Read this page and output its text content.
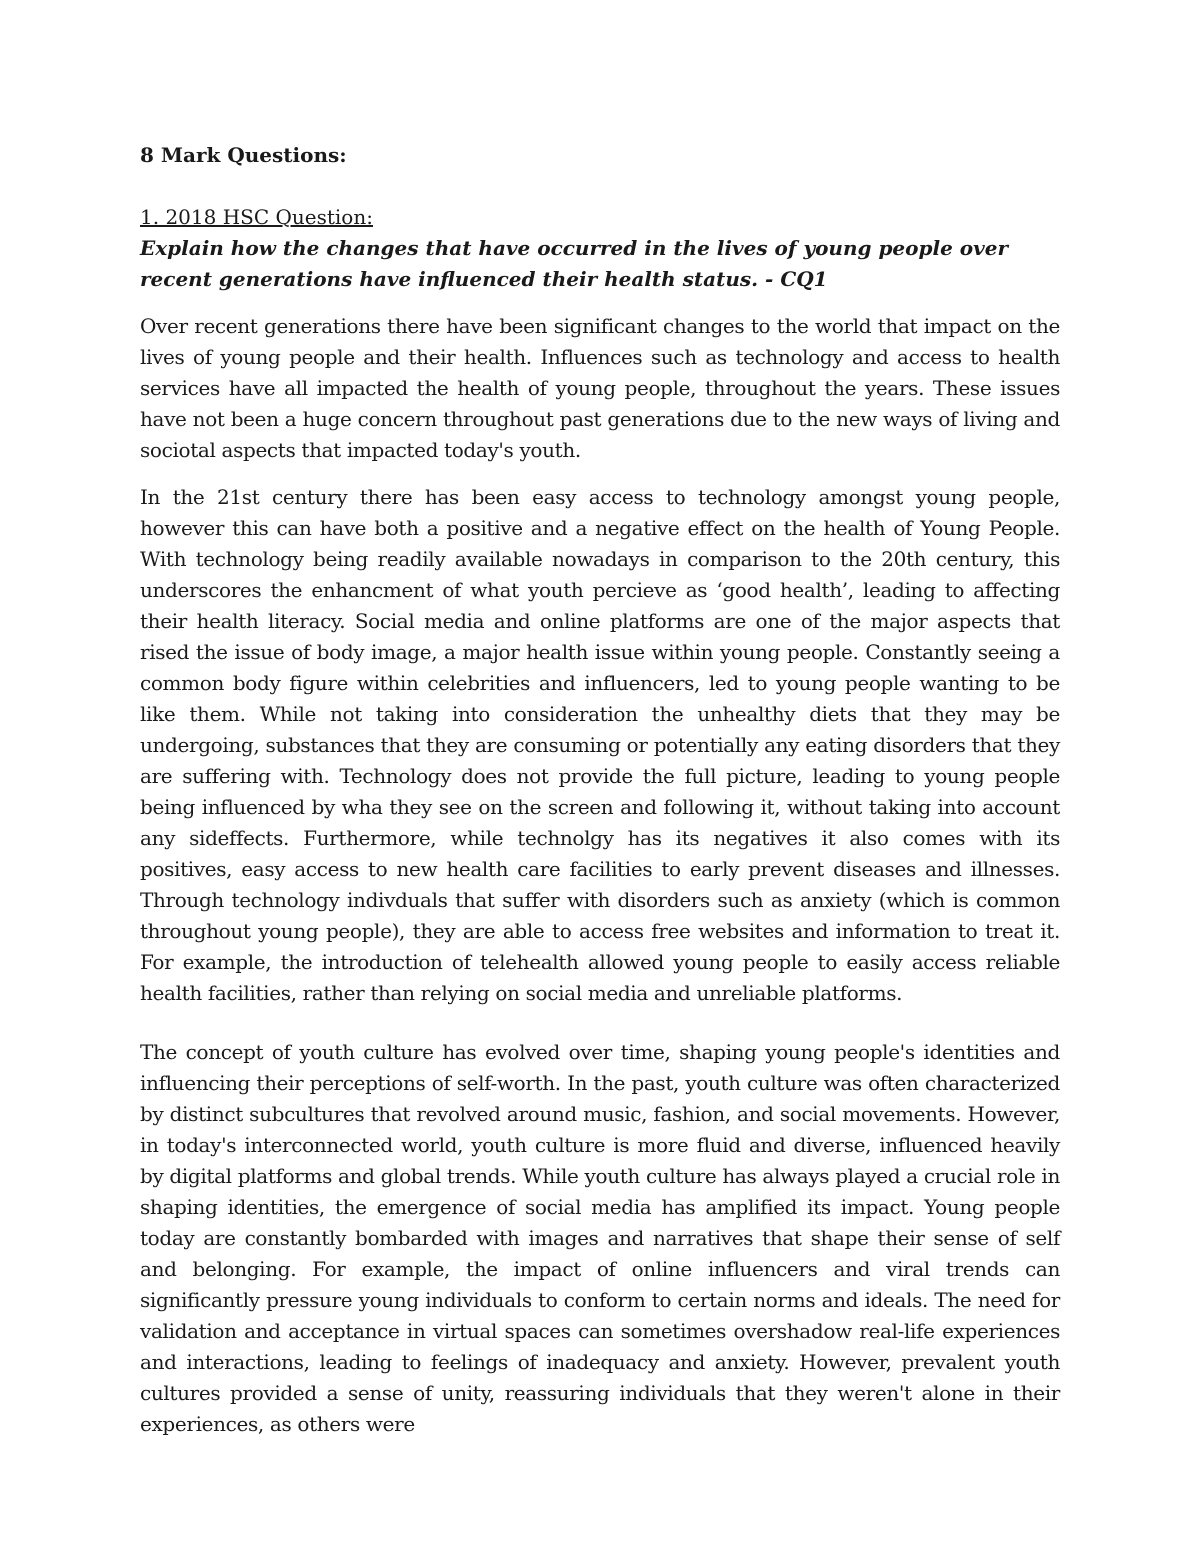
8 Mark Questions:

1. 2018 HSC Question:

Explain how the changes that have occurred in the lives of young people over recent generations have influenced their health status. - CQ1

Over recent generations there have been significant changes to the world that impact on the lives of young people and their health. Influences such as technology and access to health services have all impacted the health of young people, throughout the years. These issues have not been a huge concern throughout past generations due to the new ways of living and sociotal aspects that impacted today's youth.

In the 21st century there has been easy access to technology amongst young people, however this can have both a positive and a negative effect on the health of Young People. With technology being readily available nowadays in comparison to the 20th century, this underscores the enhancment of what youth percieve as ‘good health’, leading to affecting their health literacy. Social media and online platforms are one of the major aspects that rised the issue of body image, a major health issue within young people. Constantly seeing a common body figure within celebrities and influencers, led to young people wanting to be like them. While not taking into consideration the unhealthy diets that they may be undergoing, substances that they are consuming or potentially any eating disorders that they are suffering with. Technology does not provide the full picture, leading to young people being influenced by wha they see on the screen and following it, without taking into account any sideffects. Furthermore, while technolgy has its negatives it also comes with its positives, easy access to new health care facilities to early prevent diseases and illnesses. Through technology indivduals that suffer with disorders such as anxiety (which is common throughout young people), they are able to access free websites and information to treat it. For example, the introduction of telehealth allowed young people to easily access reliable health facilities, rather than relying on social media and unreliable platforms.

The concept of youth culture has evolved over time, shaping young people's identities and influencing their perceptions of self-worth. In the past, youth culture was often characterized by distinct subcultures that revolved around music, fashion, and social movements. However, in today's interconnected world, youth culture is more fluid and diverse, influenced heavily by digital platforms and global trends. While youth culture has always played a crucial role in shaping identities, the emergence of social media has amplified its impact. Young people today are constantly bombarded with images and narratives that shape their sense of self and belonging. For example, the impact of online influencers and viral trends can significantly pressure young individuals to conform to certain norms and ideals. The need for validation and acceptance in virtual spaces can sometimes overshadow real-life experiences and interactions, leading to feelings of inadequacy and anxiety. However, prevalent youth cultures provided a sense of unity, reassuring individuals that they weren't alone in their experiences, as others were
